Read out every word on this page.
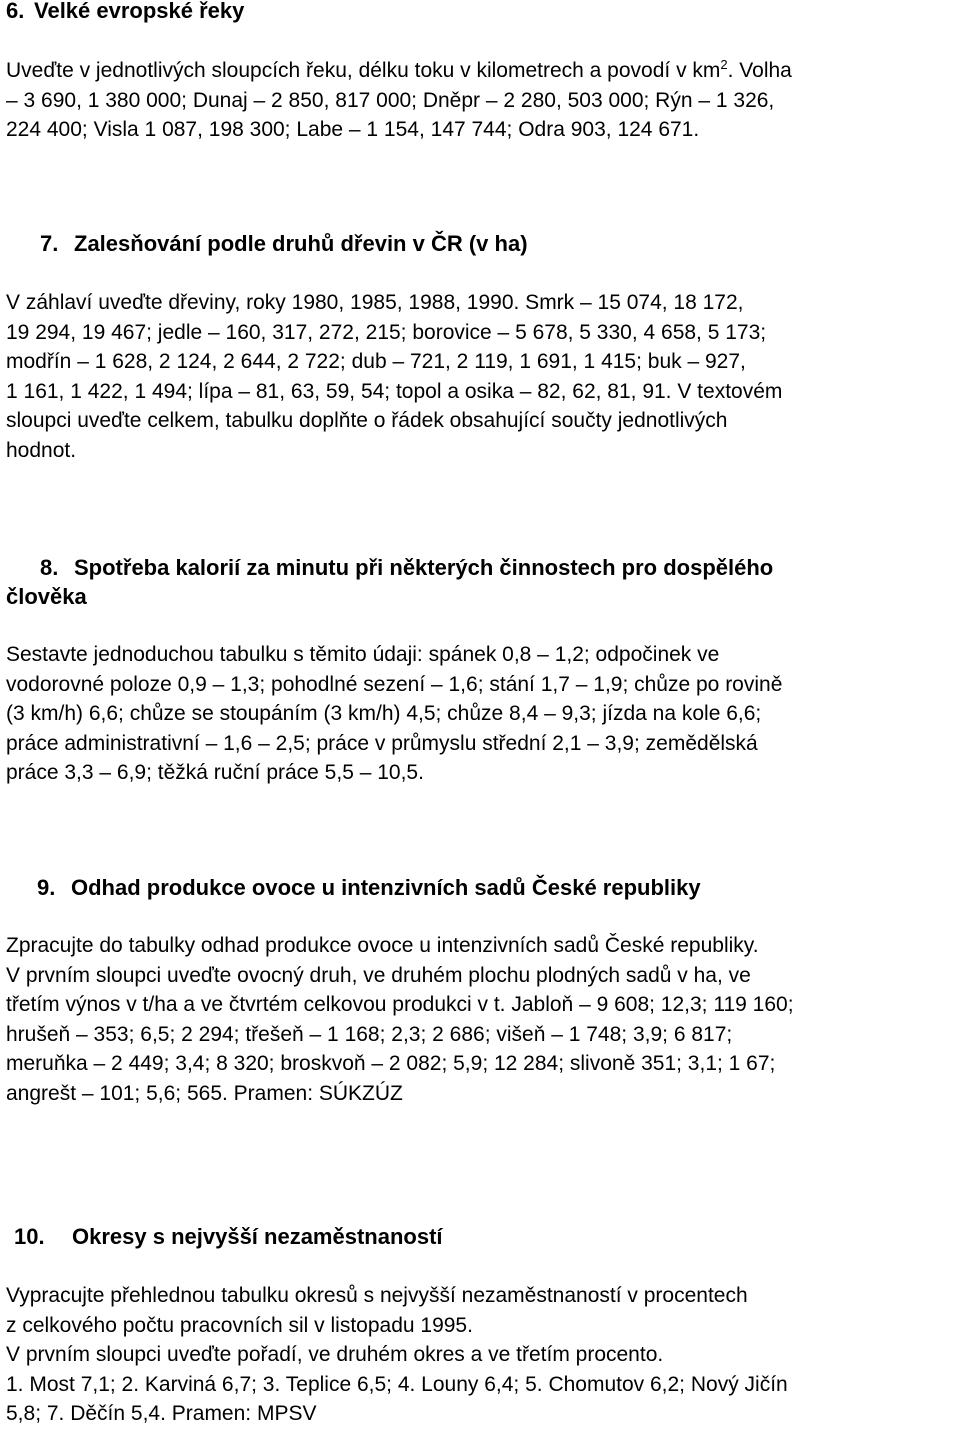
6. Velké evropské řeky

Uveďte v jednotlivých sloupcích řeku, délku toku v kilometrech a povodí v $km^2$. Volha

– 3 690, 1 380 000; Dunaj – 2 850, 817 000; Dněpr – 2 280, 503 000; Rýn – 1 326,

224 400; Visla 1 087, 198 300; Labe – 1 154, 147 744; Odra 903, 124 671.

7. Zalesňování podle druhů dřevin v ČR (v ha)

V záhlaví uveďte dřeviny, roky 1980, 1985, 1988, 1990. Smrk – 15 074, 18 172,

19 294, 19 467; jedle – 160, 317, 272, 215; borovice – 5 678, 5 330, 4 658, 5 173;

modřín – 1 628, 2 124, 2 644, 2 722; dub – 721, 2 119, 1 691, 1 415; buk – 927,

1 161, 1 422, 1 494; lípa – 81, 63, 59, 54; topol a osika – 82, 62, 81, 91. V textovém

sloupci uveďte celkem, tabulku doplňte o řádek obsahující součty jednotlivých

hodnot.

8. Spotřeba kalorií za minutu při některých činnostech pro dospělého
člověka

Sestavte jednoduchou tabulku s těmito údaji: spánek 0,8 – 1,2; odpočinek ve

vodorovné poloze 0,9 – 1,3; pohodlné sezení – 1,6; stání 1,7 – 1,9; chůze po rovině

(3 km/h) 6,6; chůze se stoupáním (3 km/h) 4,5; chůze 8,4 – 9,3; jízda na kole 6,6;

práce administrativní – 1,6 – 2,5; práce v průmyslu střední 2,1 – 3,9; zemědělská

práce 3,3 – 6,9; těžká ruční práce 5,5 – 10,5.

9. Odhad produkce ovoce u intenzivních sadů České republiky

Zpracujte do tabulky odhad produkce ovoce u intenzivních sadů České republiky.

V prvním sloupci uveďte ovocný druh, ve druhém plochu plodných sadů v ha, ve

třetím výnos v t/ha a ve čtvrtém celkovou produkci v t. Jabloň – 9 608; 12,3; 119 160;

hrušeň – 353; 6,5; 2 294; třešeň – 1 168; 2,3; 2 686; višeň – 1 748; 3,9; 6 817;

meruňka – 2 449; 3,4; 8 320; broskvoň – 2 082; 5,9; 12 284; slivoně 351; 3,1; 1 67;

angrešt – 101; 5,6; 565. Pramen: SÚKZÚZ

10. Okresy s nejvyšší nezaměstnaností

Vypracujte přehlednou tabulku okresů s nejvyšší nezaměstnaností v procentech

z celkového počtu pracovních sil v listopadu 1995.

V prvním sloupci uveďte pořadí, ve druhém okres a ve třetím procento.

1. Most 7,1; 2. Karviná 6,7; 3. Teplice 6,5; 4. Louny 6,4; 5. Chomutov 6,2; Nový Jičín

5,8; 7. Děčín 5,4. Pramen: MPSV
